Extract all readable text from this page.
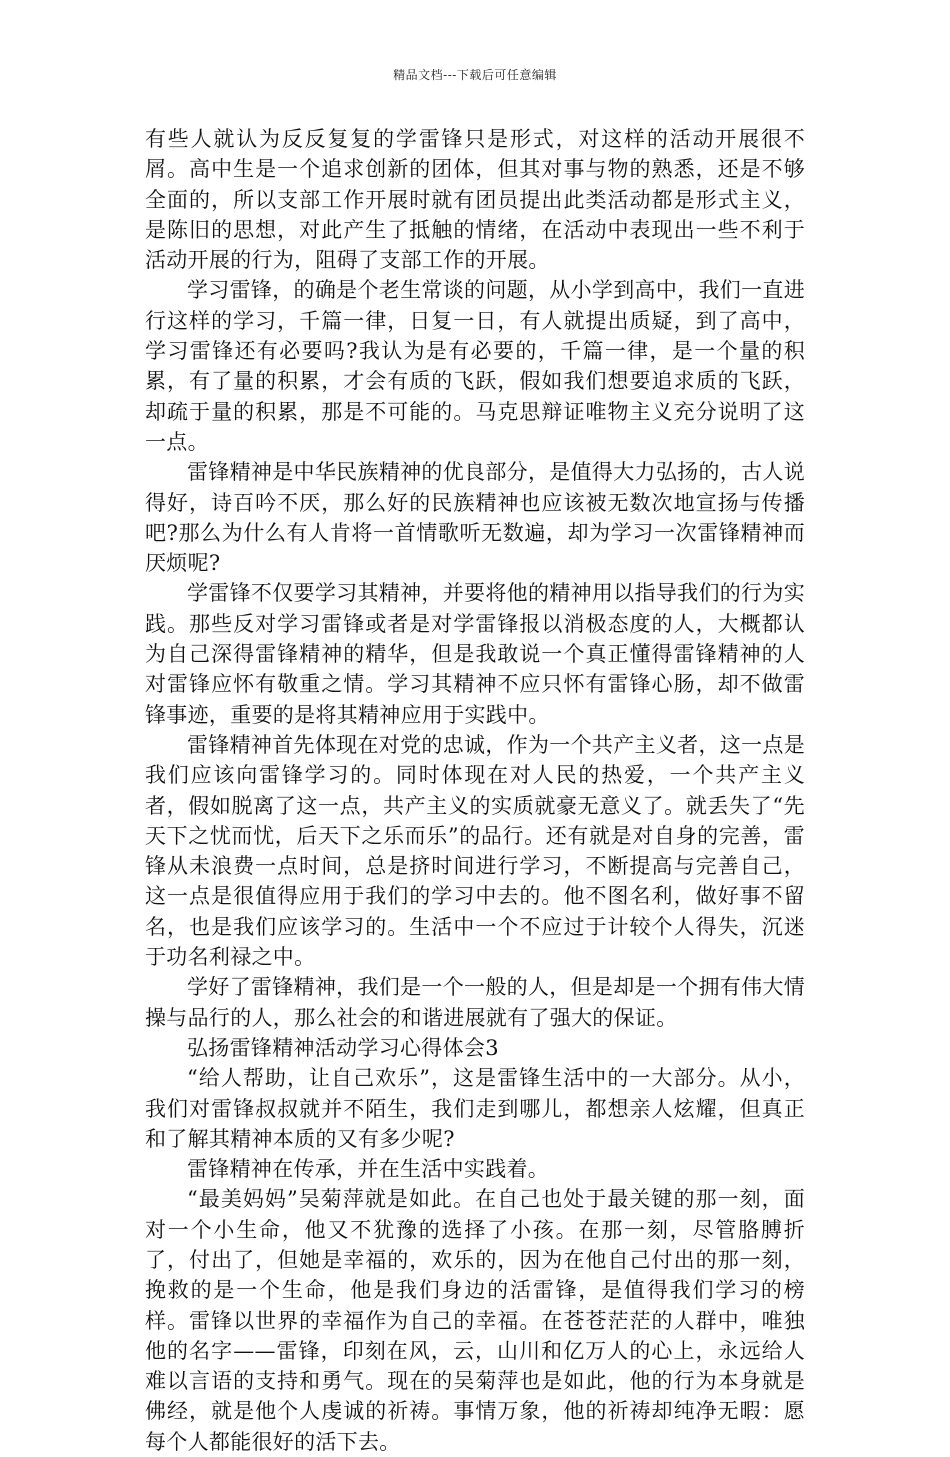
精品文档---下载后可任意编辑

有些人就认为反反复复的学雷锋只是形式，对这样的活动开展很不屑。高中生是一个追求创新的团体，但其对事与物的熟悉，还是不够全面的，所以支部工作开展时就有团员提出此类活动都是形式主义，是陈旧的思想，对此产生了抵触的情绪，在活动中表现出一些不利于活动开展的行为，阻碍了支部工作的开展。

学习雷锋，的确是个老生常谈的问题，从小学到高中，我们一直进行这样的学习，千篇一律，日复一日，有人就提出质疑，到了高中，学习雷锋还有必要吗?我认为是有必要的，千篇一律，是一个量的积累，有了量的积累，才会有质的飞跃，假如我们想要追求质的飞跃，却疏于量的积累，那是不可能的。马克思辩证唯物主义充分说明了这一点。

雷锋精神是中华民族精神的优良部分，是值得大力弘扬的，古人说得好，诗百吟不厌，那么好的民族精神也应该被无数次地宣扬与传播吧?那么为什么有人肯将一首情歌听无数遍，却为学习一次雷锋精神而厌烦呢?

学雷锋不仅要学习其精神，并要将他的精神用以指导我们的行为实践。那些反对学习雷锋或者是对学雷锋报以消极态度的人，大概都认为自己深得雷锋精神的精华，但是我敢说一个真正懂得雷锋精神的人对雷锋应怀有敬重之情。学习其精神不应只怀有雷锋心肠，却不做雷锋事迹，重要的是将其精神应用于实践中。

雷锋精神首先体现在对党的忠诚，作为一个共产主义者，这一点是我们应该向雷锋学习的。同时体现在对人民的热爱，一个共产主义者，假如脱离了这一点，共产主义的实质就豪无意义了。就丢失了“先天下之忧而忧，后天下之乐而乐”的品行。还有就是对自身的完善，雷锋从未浪费一点时间，总是挤时间进行学习，不断提高与完善自己，这一点是很值得应用于我们的学习中去的。他不图名利，做好事不留名，也是我们应该学习的。生活中一个不应过于计较个人得失，沉迷于功名利禄之中。

学好了雷锋精神，我们是一个一般的人，但是却是一个拥有伟大情操与品行的人，那么社会的和谐进展就有了强大的保证。

弘扬雷锋精神活动学习心得体会3

“给人帮助，让自己欢乐”，这是雷锋生活中的一大部分。从小，我们对雷锋叔叔就并不陌生，我们走到哪儿，都想亲人炫耀，但真正和了解其精神本质的又有多少呢?

雷锋精神在传承，并在生活中实践着。

“最美妈妈”吴菊萍就是如此。在自己也处于最关键的那一刻，面对一个小生命，他又不犹豫的选择了小孩。在那一刻，尽管胳膊折了，付出了，但她是幸福的，欢乐的，因为在他自己付出的那一刻，挽救的是一个生命，他是我们身边的活雷锋，是值得我们学习的榜样。雷锋以世界的幸福作为自己的幸福。在苍苍茫茫的人群中，唯独他的名字——雷锋，印刻在风，云，山川和亿万人的心上，永远给人难以言语的支持和勇气。现在的吴菊萍也是如此，他的行为本身就是佛经，就是他个人虔诚的祈祷。事情万象，他的祈祷却纯净无暇：愿每个人都能很好的活下去。
